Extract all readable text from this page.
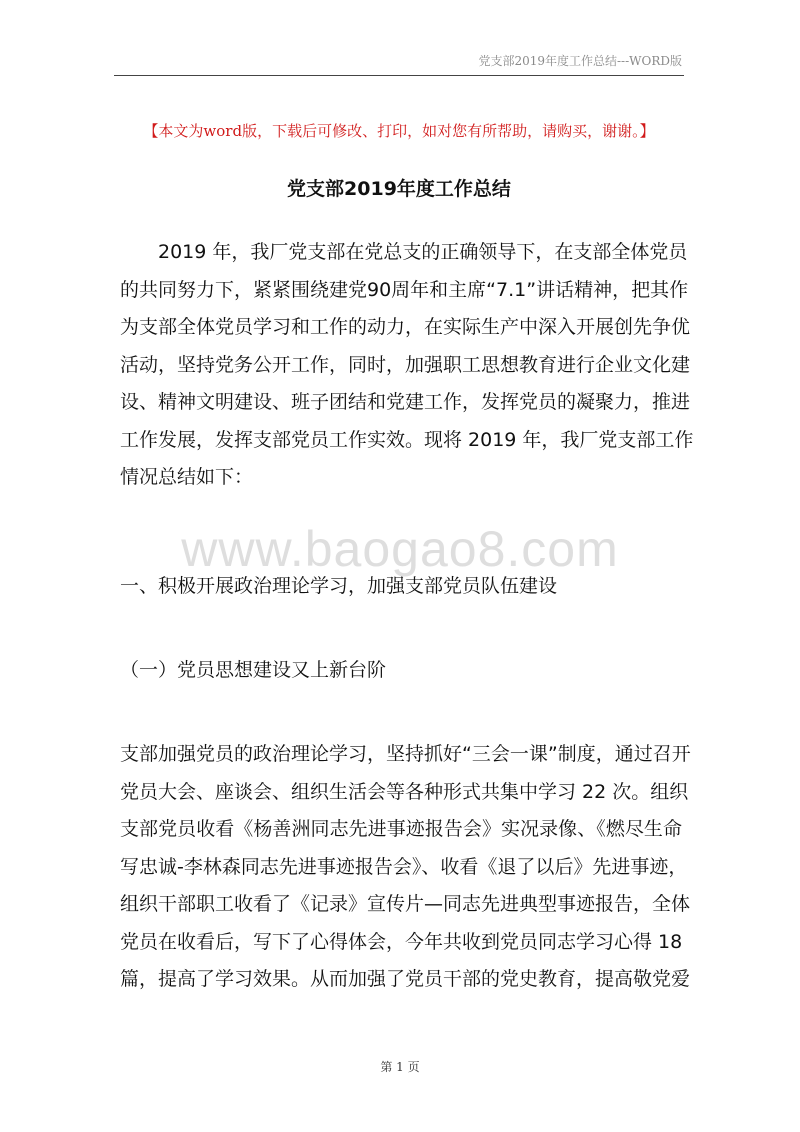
党支部2019年度工作总结---WORD版
【本文为word版，下载后可修改、打印，如对您有所帮助，请购买，谢谢。】
党支部2019年度工作总结
2019 年，我厂党支部在党总支的正确领导下，在支部全体党员
的共同努力下，紧紧围绕建党90周年和主席“7.1”讲话精神，把其作
为支部全体党员学习和工作的动力，在实际生产中深入开展创先争优
活动，坚持党务公开工作，同时，加强职工思想教育进行企业文化建
设、精神文明建设、班子团结和党建工作，发挥党员的凝聚力，推进
工作发展，发挥支部党员工作实效。现将 2019 年，我厂党支部工作
情况总结如下：
www.baogao8.com
一、积极开展政治理论学习，加强支部党员队伍建设
（一）党员思想建设又上新台阶
支部加强党员的政治理论学习，坚持抓好“三会一课”制度，通过召开
党员大会、座谈会、组织生活会等各种形式共集中学习 22 次。组织
支部党员收看《杨善洲同志先进事迹报告会》实况录像、《燃尽生命
写忠诚-李林森同志先进事迹报告会》、收看《退了以后》先进事迹，
组织干部职工收看了《记录》宣传片—同志先进典型事迹报告，全体
党员在收看后，写下了心得体会，今年共收到党员同志学习心得 18
篇，提高了学习效果。从而加强了党员干部的党史教育，提高敬党爱
第 1 页
